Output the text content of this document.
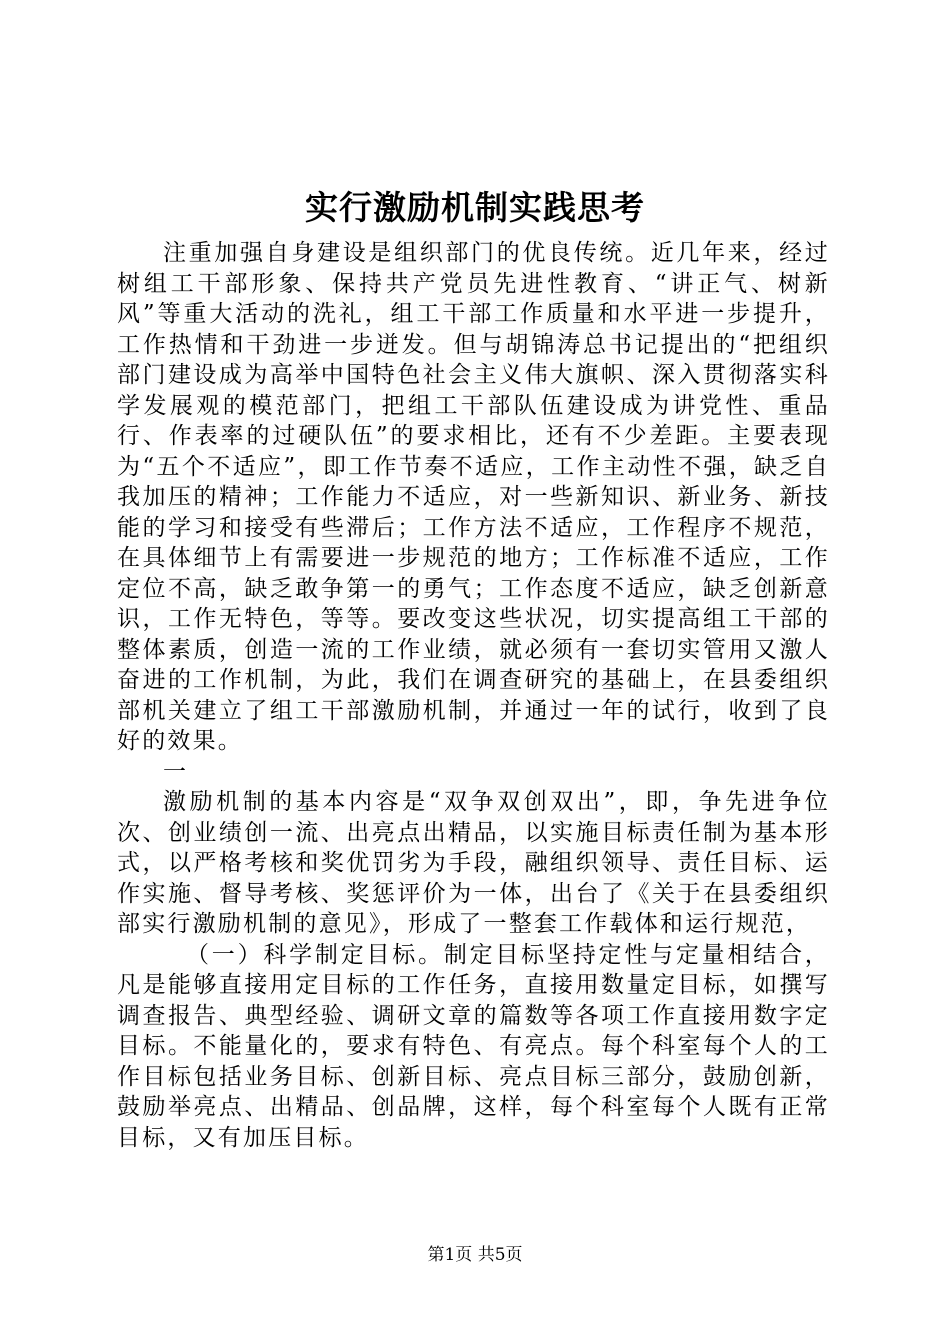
实行激励机制实践思考

注重加强自身建设是组织部门的优良传统。近几年来，经过树组工干部形象、保持共产党员先进性教育、“讲正气、树新风”等重大活动的洗礼，组工干部工作质量和水平进一步提升，工作热情和干劲进一步迸发。但与胡锦涛总书记提出的“把组织部门建设成为高举中国特色社会主义伟大旗帜、深入贯彻落实科学发展观的模范部门，把组工干部队伍建设成为讲党性、重品行、作表率的过硬队伍”的要求相比，还有不少差距。主要表现为“五个不适应”，即工作节奏不适应，工作主动性不强，缺乏自我加压的精神；工作能力不适应，对一些新知识、新业务、新技能的学习和接受有些滞后；工作方法不适应，工作程序不规范，在具体细节上有需要进一步规范的地方；工作标准不适应，工作定位不高，缺乏敢争第一的勇气；工作态度不适应，缺乏创新意识，工作无特色，等等。要改变这些状况，切实提高组工干部的整体素质，创造一流的工作业绩，就必须有一套切实管用又激人奋进的工作机制，为此，我们在调查研究的基础上，在县委组织部机关建立了组工干部激励机制，并通过一年的试行，收到了良好的效果。

一

激励机制的基本内容是“双争双创双出”，即，争先进争位次、创业绩创一流、出亮点出精品，以实施目标责任制为基本形式，以严格考核和奖优罚劣为手段，融组织领导、责任目标、运作实施、督导考核、奖惩评价为一体，出台了《关于在县委组织部实行激励机制的意见》，形成了一整套工作载体和运行规范，

（一）科学制定目标。制定目标坚持定性与定量相结合，凡是能够直接用定目标的工作任务，直接用数量定目标，如撰写调查报告、典型经验、调研文章的篇数等各项工作直接用数字定目标。不能量化的，要求有特色、有亮点。每个科室每个人的工作目标包括业务目标、创新目标、亮点目标三部分，鼓励创新，鼓励举亮点、出精品、创品牌，这样，每个科室每个人既有正常目标，又有加压目标。

第1页 共5页
